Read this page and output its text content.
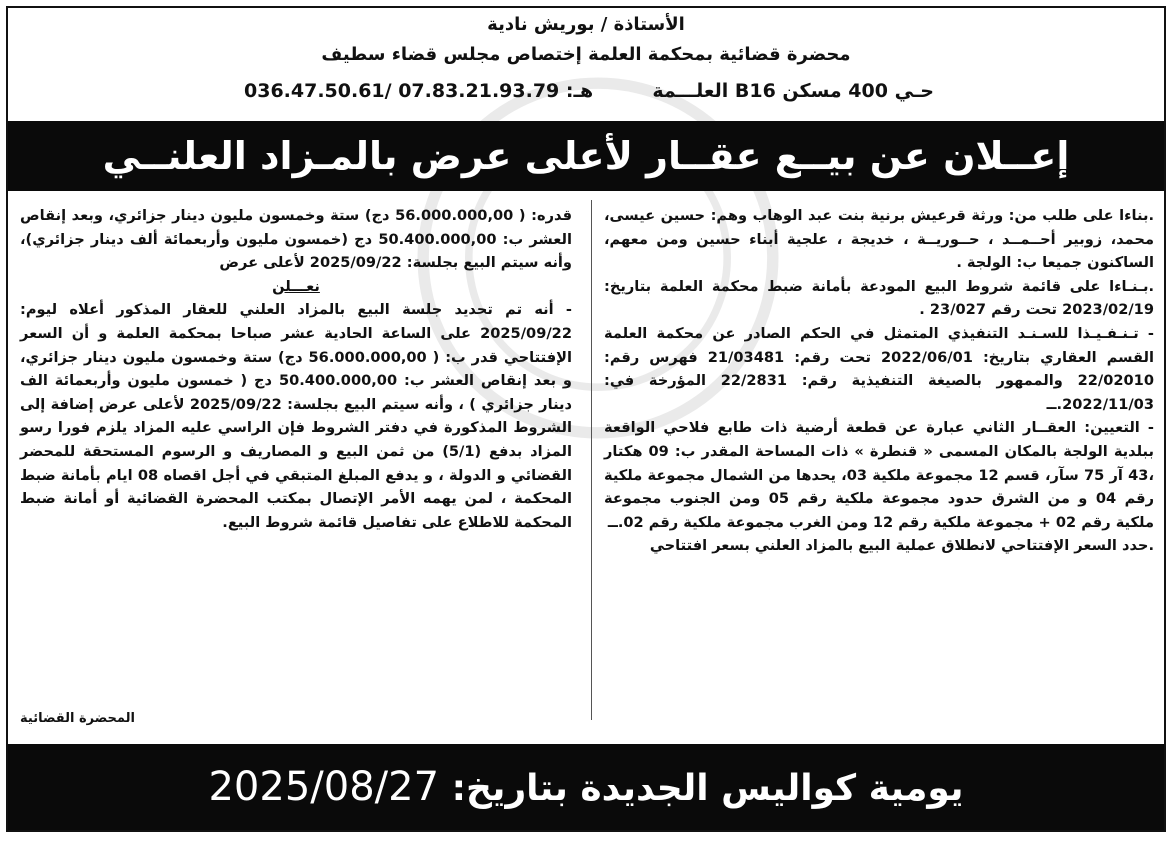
الأستاذة / بوريش نادية
محضرة قضائية بمحكمة العلمة إختصاص مجلس قضاء سطيف
حـي 400 مسكن B16 العلـــمة
هـ: 07.83.21.93.79 /036.47.50.61
إعــلان عن بيــع عقــار لأعلى عرض بالمـزاد العلنــي

.بناءا على طلب من: ورثة قرعيش برنية بنت عبد الوهاب وهم: حسين عيسى، محمد، زوبير أحــمــد ، حــوريــة ، خديجة ، علجية أبناء حسين ومن معهم، الساكنون جميعا ب: الولجة .

.بـنـاءا على قائمة شروط البيع المودعة بأمانة ضبط محكمة العلمة بتاريخ: 2023/02/19 تحت رقم 23/027 .

- تـنـفـيـذا للسـنـد التنفيذي المتمثل في الحكم الصادر عن محكمة العلمة القسم العقاري بتاريخ: 2022/06/01 تحت رقم: 21/03481 فهرس رقم: 22/02010 والممهور بالصيغة التنفيذية رقم: 22/2831 المؤرخة في: 2022/11/03.ــ

- التعيين: العقــار الثاني عبارة عن قطعة أرضية ذات طابع فلاحي الواقعة ببلدية الولجة بالمكان المسمى « قنطرة » ذات المساحة المقدر ب: 09 هكتار ،43 آر 75 سآر، قسم 12 مجموعة ملكية 03، يحدها من الشمال مجموعة ملكية رقم 04 و من الشرق حدود مجموعة ملكية رقم 05 ومن الجنوب مجموعة ملكية رقم 02 + مجموعة ملكية رقم 12 ومن الغرب مجموعة ملكية رقم 02.ــ

.حدد السعر الإفتتاحي لانطلاق عملية البيع بالمزاد العلني بسعر افتتاحي

قدره: ( 56.000.000,00 دج) ستة وخمسون مليون دينار جزائري، وبعد إنقاص العشر ب: 50.400.000,00 دج (خمسون مليون وأربعمائة ألف دينار جزائري)، وأنه سيتم البيع بجلسة: 2025/09/22 لأعلى عرض

نعـــلن

- أنه تم تحديد جلسة البيع بالمزاد العلني للعقار المذكور أعلاه ليوم: 2025/09/22 على الساعة الحادية عشر صباحا بمحكمة العلمة و أن السعر الإفتتاحي قدر ب: ( 56.000.000,00 دج) ستة وخمسون مليون دينار جزائري، و بعد إنقاص العشر ب: 50.400.000,00 دج ( خمسون مليون وأربعمائة الف دينار جزائري ) ، وأنه سيتم البيع بجلسة: 2025/09/22 لأعلى عرض إضافة إلى الشروط المذكورة في دفتر الشروط فإن الراسي عليه المزاد يلزم فورا رسو المزاد بدفع (5/1) من ثمن البيع و المصاريف و الرسوم المستحقة للمحضر القضائي و الدولة ، و يدفع المبلغ المتبقي في أجل اقصاه 08 ايام بأمانة ضبط المحكمة ، لمن يهمه الأمر الإتصال بمكتب المحضرة القضائية أو أمانة ضبط المحكمة للاطلاع على تفاصيل قائمة شروط البيع.

المحضرة القضائية
يومية كواليس الجديدة بتاريخ: 2025/08/27
